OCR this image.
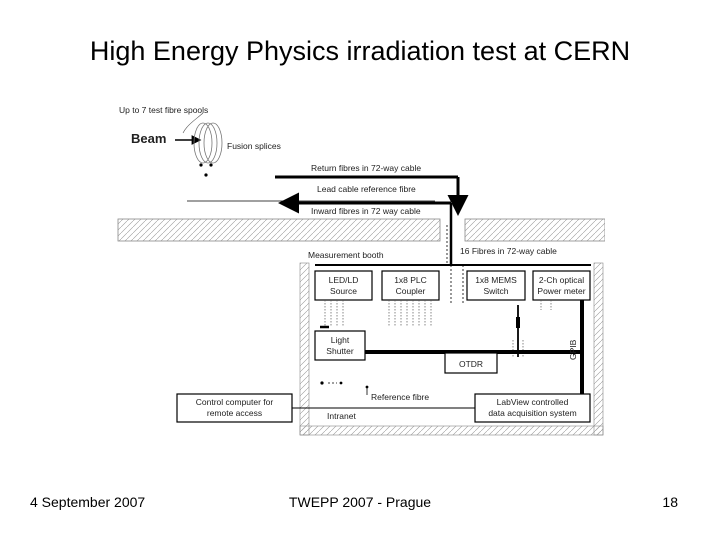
High Energy Physics irradiation test at CERN
Up to 7 test fibre spools
Beam	Fusion splices
Return fibres in 72-way cable
Lead cable reference fibre
Inward fibres in 72 way cable
16 Fibres in 72-way cable
Measurement booth
LED/LD
Source
1x8 PLC
Coupler
1x8 MEMS
Switch
2-Ch optical
Power meter
Light
Shutter
OTDR
GPIB
Reference fibre
Control computer for
remote access	Intranet
LabView controlled
data acquisition system
4 September 2007	TWEPP 2007 - Prague	18
